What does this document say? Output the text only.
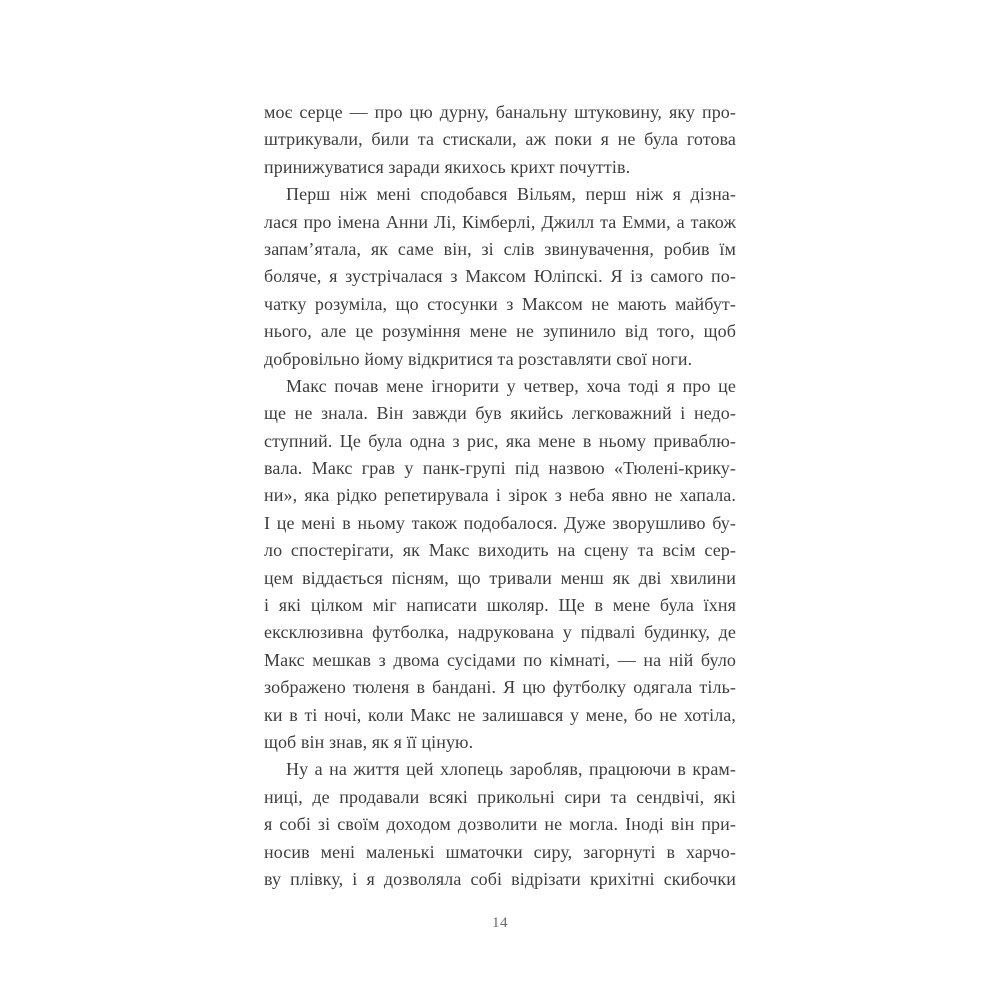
моє серце — про цю дурну, банальну штуковину, яку про-
штрикували, били та стискали, аж поки я не була готова
принижуватися заради якихось крихт почуттів.
Перш ніж мені сподобався Вільям, перш ніж я дізна-
лася про імена Анни Лі, Кімберлі, Джилл та Емми, а також
запам’ятала, як саме він, зі слів звинувачення, робив їм
боляче, я зустрічалася з Максом Юліпскі. Я із самого по-
чатку розуміла, що стосунки з Максом не мають майбут-
нього, але це розуміння мене не зупинило від того, щоб
добровільно йому відкритися та розставляти свої ноги.
Макс почав мене ігнорити у четвер, хоча тоді я про це
ще не знала. Він завжди був якийсь легковажний і недо-
ступний. Це була одна з рис, яка мене в ньому приваблю-
вала. Макс грав у панк-групі під назвою «Тюлені-крику-
ни», яка рідко репетирувала і зірок з неба явно не хапала.
І це мені в ньому також подобалося. Дуже зворушливо бу-
ло спостерігати, як Макс виходить на сцену та всім сер-
цем віддається пісням, що тривали менш як дві хвилини
і які цілком міг написати школяр. Ще в мене була їхня
ексклюзивна футболка, надрукована у підвалі будинку, де
Макс мешкав з двома сусідами по кімнаті, — на ній було
зображено тюленя в бандані. Я цю футболку одягала тіль-
ки в ті ночі, коли Макс не залишався у мене, бо не хотіла,
щоб він знав, як я її ціную.
Ну а на життя цей хлопець заробляв, працюючи в крам-
ниці, де продавали всякі прикольні сири та сендвічі, які
я собі зі своїм доходом дозволити не могла. Іноді він при-
носив мені маленькі шматочки сиру, загорнуті в харчо-
ву плівку, і я дозволяла собі відрізати крихітні скибочки
14
